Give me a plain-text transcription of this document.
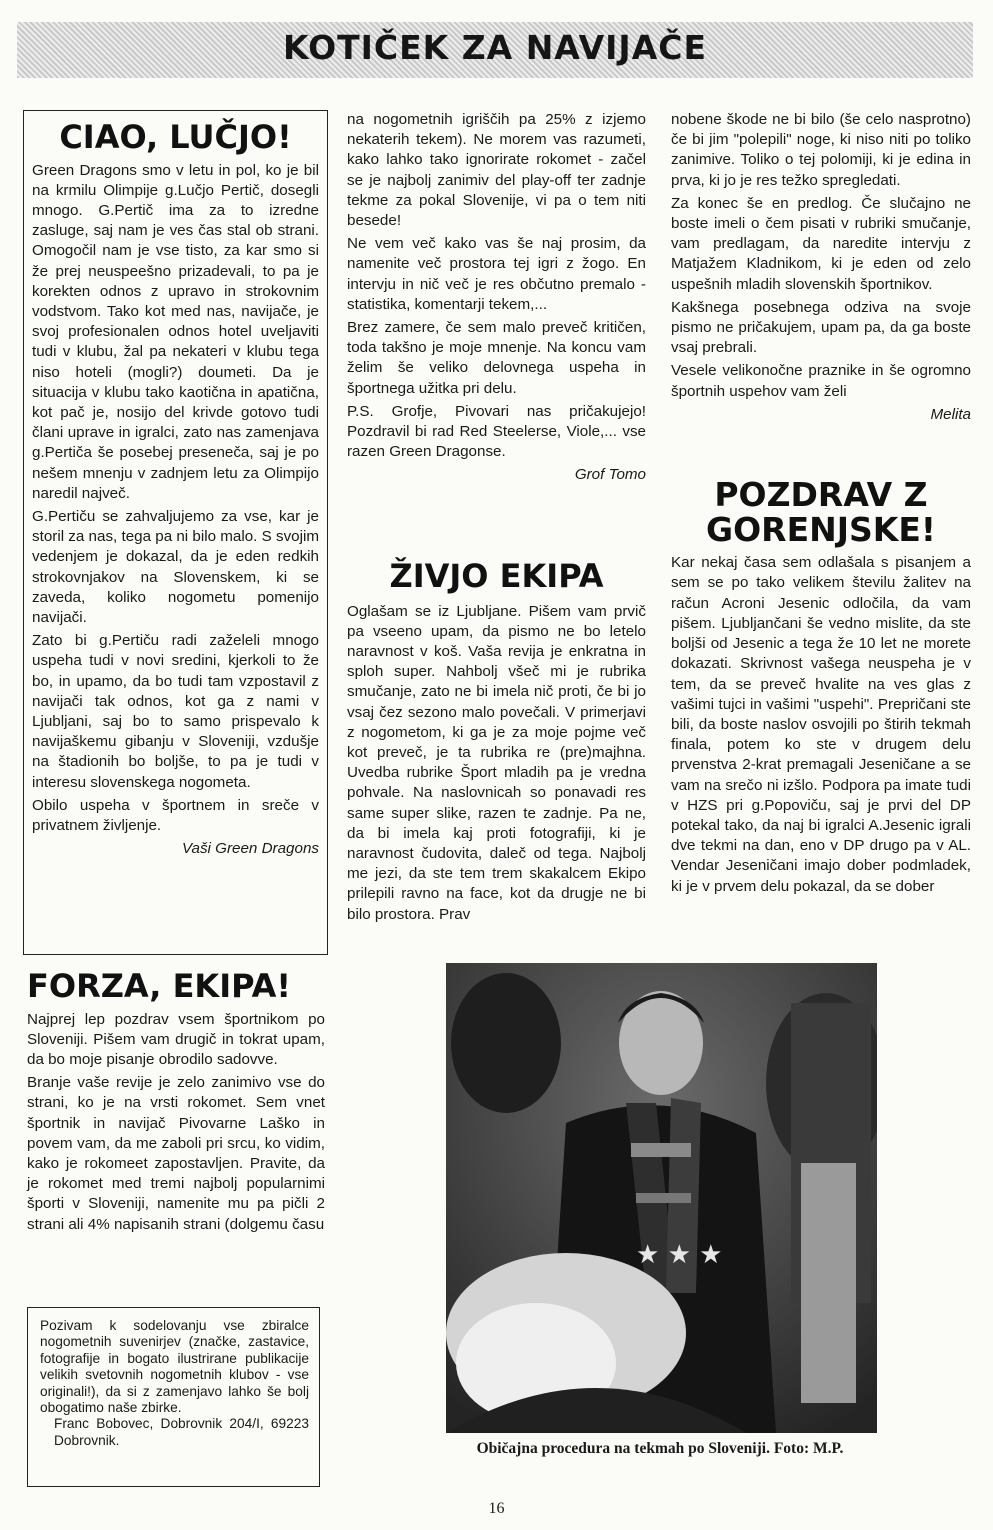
KOTIČEK ZA NAVIJAČE
CIAO, LUČJO!

Green Dragons smo v letu in pol, ko je bil na krmilu Olimpije g.Lučjo Pertič, dosegli mnogo. G.Pertič ima za to izredne zasluge, saj nam je ves čas stal ob strani. Omogočil nam je vse tisto, za kar smo si že prej neuspeešno prizadevali, to pa je korekten odnos z upravo in strokovnim vodstvom. Tako kot med nas, navijače, je svoj profesionalen odnos hotel uveljaviti tudi v klubu, žal pa nekateri v klubu tega niso hoteli (mogli?) doumeti. Da je situacija v klubu tako kaotična in apatična, kot pač je, nosijo del krivde gotovo tudi člani uprave in igralci, zato nas zamenjava g.Pertiča še posebej preseneča, saj je po nešem mnenju v zadnjem letu za Olimpijo naredil največ.

G.Pertiču se zahvaljujemo za vse, kar je storil za nas, tega pa ni bilo malo. S svojim vedenjem je dokazal, da je eden redkih strokovnjakov na Slovenskem, ki se zaveda, koliko nogometu pomenijo navijači.

Zato bi g.Pertiču radi zaželeli mnogo uspeha tudi v novi sredini, kjerkoli to že bo, in upamo, da bo tudi tam vzpostavil z navijači tak odnos, kot ga z nami v Ljubljani, saj bo to samo prispevalo k navijaškemu gibanju v Sloveniji, vzdušje na štadionih bo boljše, to pa je tudi v interesu slovenskega nogometa.

Obilo uspeha v športnem in sreče v privatnem življenje.

Vaši Green Dragons
FORZA, EKIPA!

Najprej lep pozdrav vsem športnikom po Sloveniji. Pišem vam drugič in tokrat upam, da bo moje pisanje obrodilo sadovve.

Branje vaše revije je zelo zanimivo vse do strani, ko je na vrsti rokomet. Sem vnet športnik in navijač Pivovarne Laško in povem vam, da me zaboli pri srcu, ko vidim, kako je rokomeet zapostavljen. Pravite, da je rokomet med tremi najbolj popularnimi športi v Sloveniji, namenite mu pa pičli 2 strani ali 4% napisanih strani (dolgemu času

Pozivam k sodelovanju vse zbiralce nogometnih suvenirjev (značke, zastavice, fotografije in bogato ilustrirane publikacije velikih svetovnih nogometnih klubov - vse originali!), da si z zamenjavo lahko še bolj obogatimo naše zbirke.

Franc Bobovec, Dobrovnik 204/I, 69223 Dobrovnik.

na nogometnih igriščih pa 25% z izjemo nekaterih tekem). Ne morem vas razumeti, kako lahko tako ignorirate rokomet - začel se je najbolj zanimiv del play-off ter zadnje tekme za pokal Slovenije, vi pa o tem niti besede!

Ne vem več kako vas še naj prosim, da namenite več prostora tej igri z žogo. En intervju in nič več je res občutno premalo - statistika, komentarji tekem,...

Brez zamere, če sem malo preveč kritičen, toda takšno je moje mnenje. Na koncu vam želim še veliko delovnega uspeha in športnega užitka pri delu.

P.S. Grofje, Pivovari nas pričakujejo! Pozdravil bi rad Red Steelerse, Viole,... vse razen Green Dragonse.

Grof Tomo
ŽIVJO EKIPA

Oglašam se iz Ljubljane. Pišem vam prvič pa vseeno upam, da pismo ne bo letelo naravnost v koš. Vaša revija je enkratna in sploh super. Nahbolj všeč mi je rubrika smučanje, zato ne bi imela nič proti, če bi jo vsaj čez sezono malo povečali. V primerjavi z nogometom, ki ga je za moje pojme več kot preveč, je ta rubrika re (pre)majhna. Uvedba rubrike Šport mladih pa je vredna pohvale. Na naslovnicah so ponavadi res same super slike, razen te zadnje. Pa ne, da bi imela kaj proti fotografiji, ki je naravnost čudovita, daleč od tega. Najbolj me jezi, da ste tem trem skakalcem Ekipo prilepili ravno na face, kot da drugje ne bi bilo prostora. Prav

nobene škode ne bi bilo (še celo nasprotno) če bi jim "polepili" noge, ki niso niti po toliko zanimive. Toliko o tej polomiji, ki je edina in prva, ki jo je res težko spregledati.

Za konec še en predlog. Če slučajno ne boste imeli o čem pisati v rubriki smučanje, vam predlagam, da naredite intervju z Matjažem Kladnikom, ki je eden od zelo uspešnih mladih slovenskih športnikov.

Kakšnega posebnega odziva na svoje pismo ne pričakujem, upam pa, da ga boste vsaj prebrali.

Vesele velikonočne praznike in še ogromno športnih uspehov vam želi

Melita
POZDRAV Z
GORENJSKE!

Kar nekaj časa sem odlašala s pisanjem a sem se po tako velikem številu žalitev na račun Acroni Jesenic odločila, da vam pišem. Ljubljančani še vedno mislite, da ste boljši od Jesenic a tega že 10 let ne morete dokazati. Skrivnost vašega neuspeha je v tem, da se preveč hvalite na ves glas z vašimi tujci in vašimi "uspehi". Prepričani ste bili, da boste naslov osvojili po štirih tekmah finala, potem ko ste v drugem delu prvenstva 2-krat premagali Jeseničane a se vam na srečo ni izšlo. Podpora pa imate tudi v HZS pri g.Popoviču, saj je prvi del DP potekal tako, da naj bi igralci A.Jesenic igrali dve tekmi na dan, eno v DP drugo pa v AL. Vendar Jeseničani imajo dober podmladek, ki je v prvem delu pokazal, da se dober

★ ★ ★
Običajna procedura na tekmah po Sloveniji. Foto: M.P.
16
